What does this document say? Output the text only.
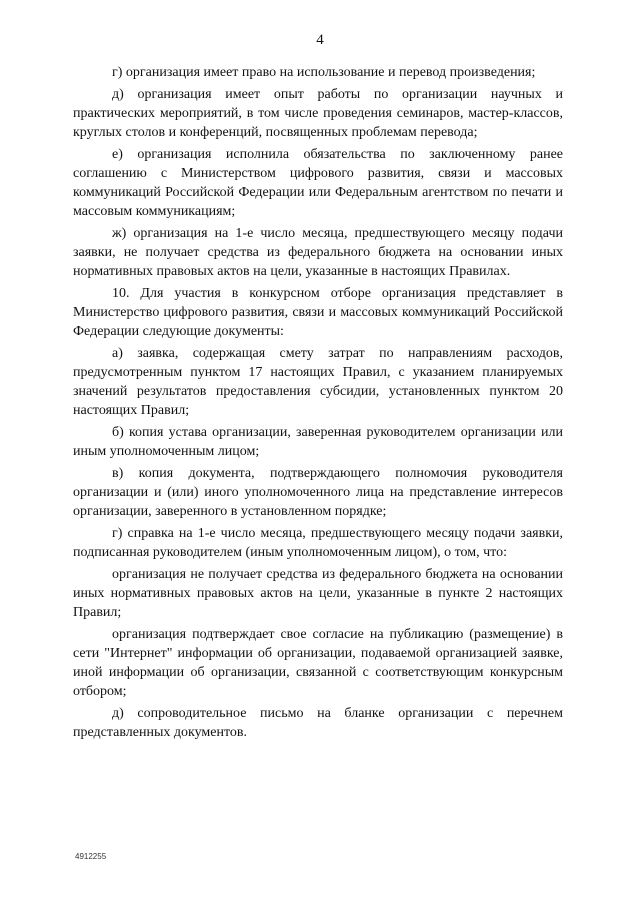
4

г) организация имеет право на использование и перевод произведения;

д) организация имеет опыт работы по организации научных и практических мероприятий, в том числе проведения семинаров, мастер-классов, круглых столов и конференций, посвященных проблемам перевода;

е) организация исполнила обязательства по заключенному ранее соглашению с Министерством цифрового развития, связи и массовых коммуникаций Российской Федерации или Федеральным агентством по печати и массовым коммуникациям;

ж) организация на 1-е число месяца, предшествующего месяцу подачи заявки, не получает средства из федерального бюджета на основании иных нормативных правовых актов на цели, указанные в настоящих Правилах.

10. Для участия в конкурсном отборе организация представляет в Министерство цифрового развития, связи и массовых коммуникаций Российской Федерации следующие документы:

а) заявка, содержащая смету затрат по направлениям расходов, предусмотренным пунктом 17 настоящих Правил, с указанием планируемых значений результатов предоставления субсидии, установленных пунктом 20 настоящих Правил;

б) копия устава организации, заверенная руководителем организации или иным уполномоченным лицом;

в) копия документа, подтверждающего полномочия руководителя организации и (или) иного уполномоченного лица на представление интересов организации, заверенного в установленном порядке;

г) справка на 1-е число месяца, предшествующего месяцу подачи заявки, подписанная руководителем (иным уполномоченным лицом), о том, что:

организация не получает средства из федерального бюджета на основании иных нормативных правовых актов на цели, указанные в пункте 2 настоящих Правил;

организация подтверждает свое согласие на публикацию (размещение) в сети "Интернет" информации об организации, подаваемой организацией заявке, иной информации об организации, связанной с соответствующим конкурсным отбором;

д) сопроводительное письмо на бланке организации с перечнем представленных документов.

4912255
